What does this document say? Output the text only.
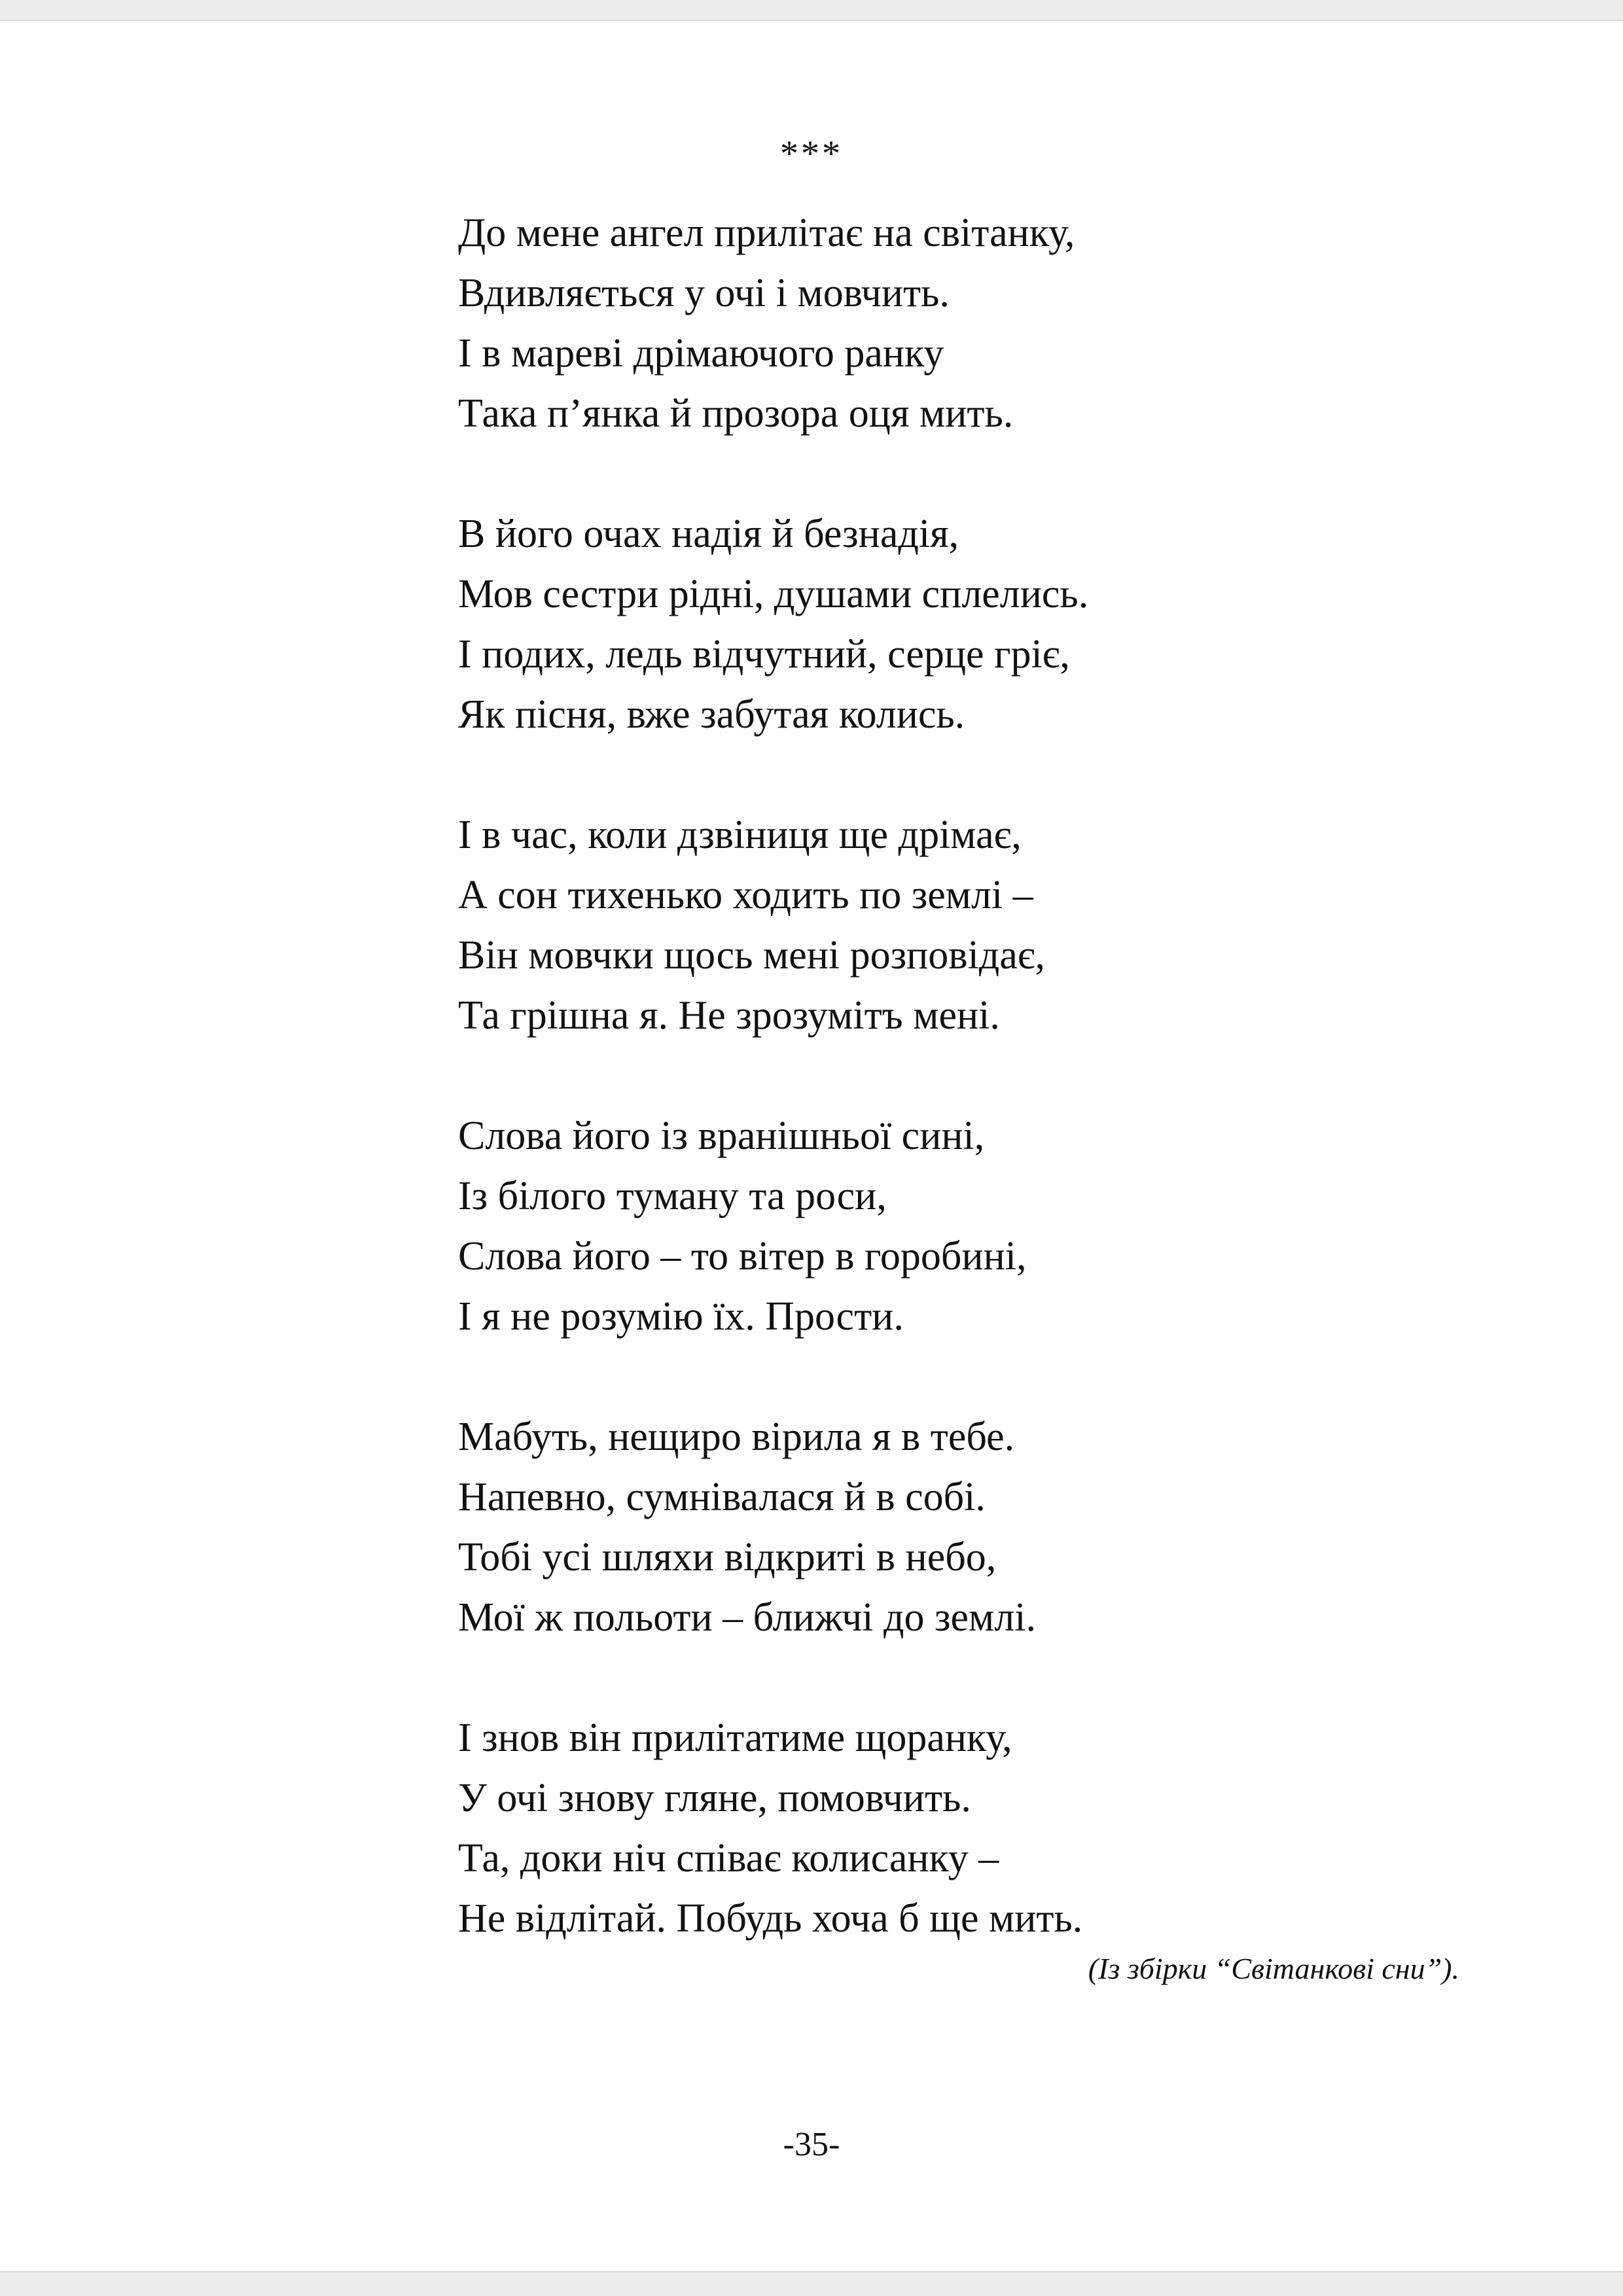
***
До мене ангел прилітає на світанку,
Вдивляється у очі і мовчить.
І в мареві дрімаючого ранку
Така п’янка й прозора оця мить.
В його очах надія й безнадія,
Мов сестри рідні, душами сплелись.
І подих, ледь відчутний, серце гріє,
Як пісня, вже забутая колись.
І в час, коли дзвіниця ще дрімає,
А сон тихенько ходить по землі –
Він мовчки щось мені розповідає,
Та грішна я. Не зрозумітъ мені.
Слова його із вранішньої сині,
Із білого туману та роси,
Слова його – то вітер в горобині,
І я не розумію їх. Прости.
Мабуть, нещиро вірила я в тебе.
Напевно, сумнівалася й в собі.
Тобі усі шляхи відкриті в небо,
Мої ж польоти – ближчі до землі.
І знов він прилітатиме щоранку,
У очі знову гляне, помовчить.
Та, доки ніч співає колисанку –
Не відлітай. Побудь хоча б ще мить.
(Із збірки “Світанкові сни”).
-35-
